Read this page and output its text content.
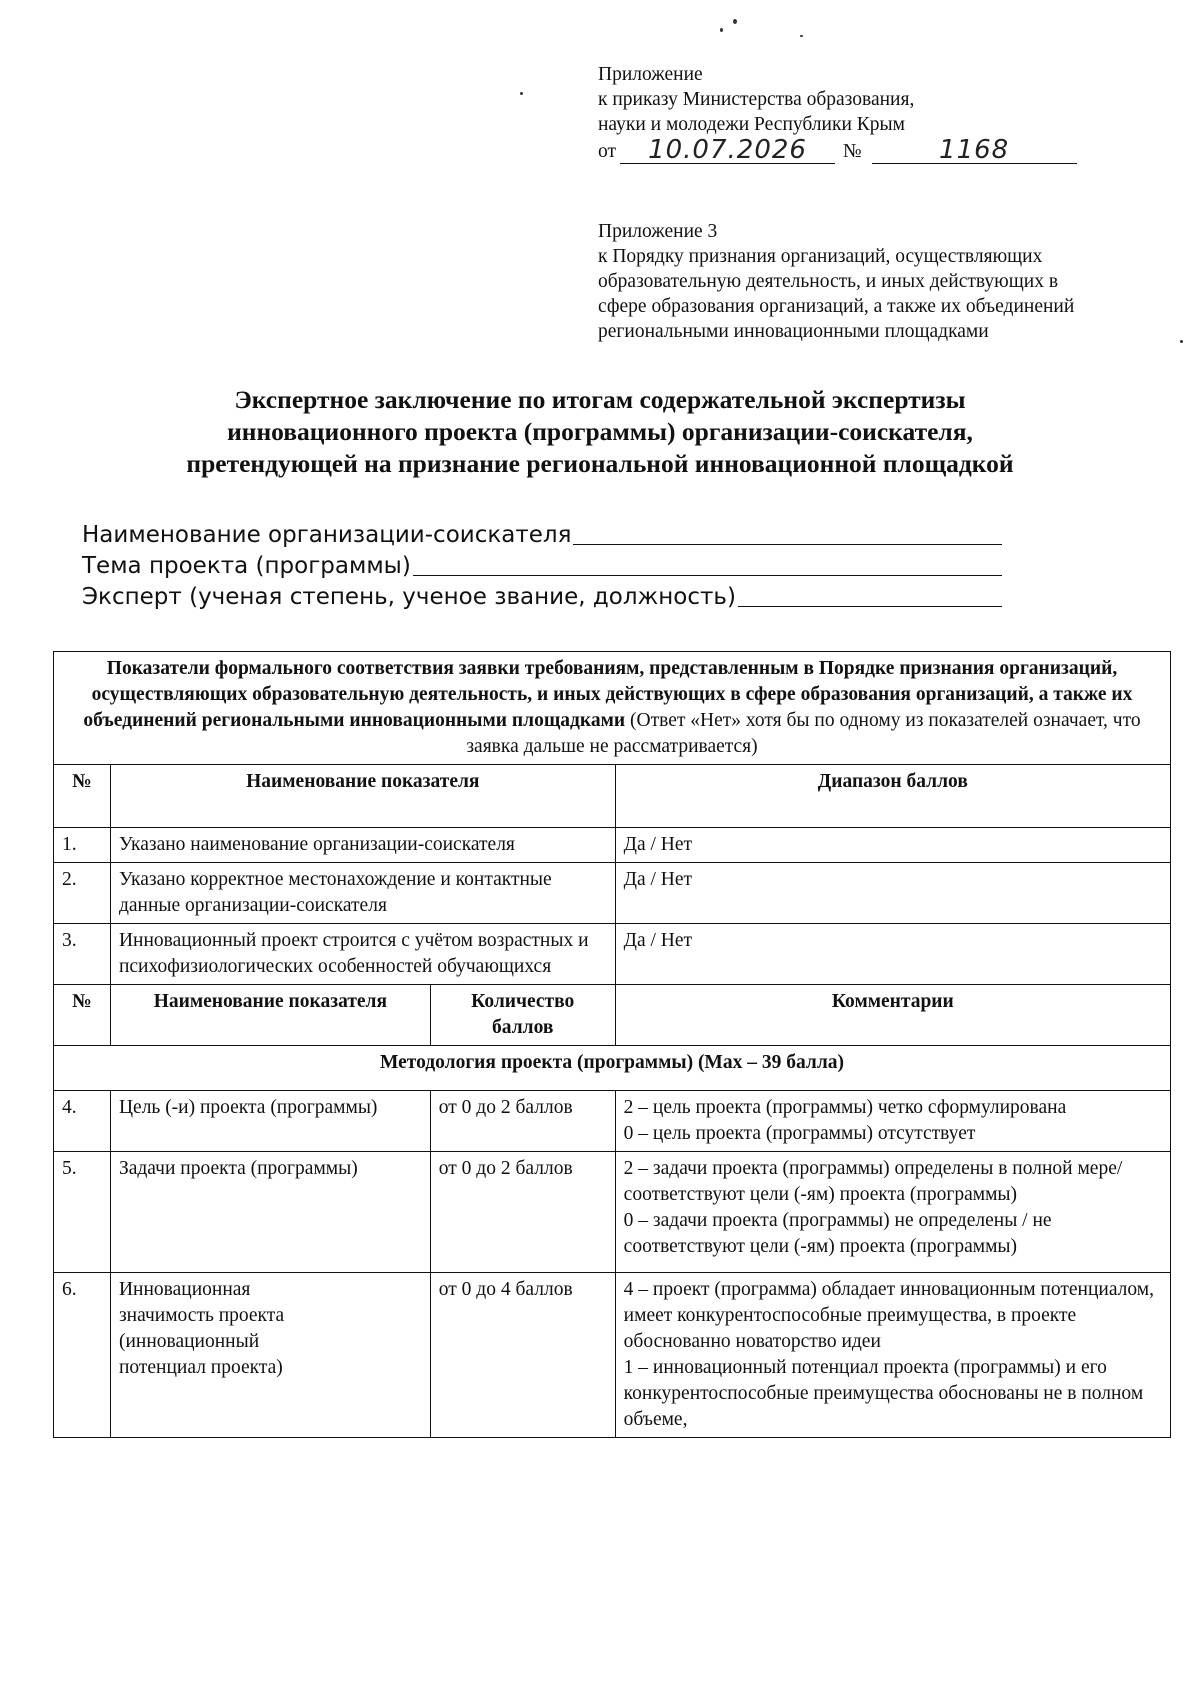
Приложение
к приказу Министерства образования,
науки и молодежи Республики Крым
от	10.07.2026	№	1168
Приложение 3
к Порядку признания организаций, осуществляющих
образовательную деятельность, и иных действующих в
сфере образования организаций, а также их объединений
региональными инновационными площадками
Экспертное заключение по итогам содержательной экспертизы
инновационного проекта (программы) организации-соискателя,
претендующей на признание региональной инновационной площадкой
Наименование организации-соискателя
Тема проекта (программы)
Эксперт (ученая степень, ученое звание, должность)
Показатели формального соответствия заявки требованиям, представленным в Порядке признания организаций, осуществляющих образовательную деятельность, и иных действующих в сфере образования организаций, а также их объединений региональными инновационными площадками (Ответ «Нет» хотя бы по одному из показателей означает, что заявка дальше не рассматривается)			
№	Наименование показателя		Диапазон баллов
1.	Указано наименование организации-соискателя		Да / Нет
2.	Указано корректное местонахождение и контактные данные организации-соискателя		Да / Нет
3.	Инновационный проект строится с учётом возрастных и психофизиологических особенностей обучающихся		Да / Нет
№	Наименование показателя	Количество баллов	Комментарии
Методология проекта (программы) (Max – 39 балла)			
4.	Цель (-и) проекта (программы)	от 0 до 2 баллов	2 – цель проекта (программы) четко сформулирована
0 – цель проекта (программы) отсутствует

5.	Задачи проекта (программы)	от 0 до 2 баллов	2 – задачи проекта (программы) определены в полной мере/соответствуют цели (-ям) проекта (программы)
0 – задачи проекта (программы) не определены / не соответствуют цели (-ям) проекта (программы)

6.	Инновационная значимость проекта (инновационный потенциал проекта)	от 0 до 4 баллов	4 – проект (программа) обладает инновационным потенциалом, имеет конкурентоспособные преимущества, в проекте обоснованно новаторство идеи
1 – инновационный потенциал проекта (программы) и его конкурентоспособные преимущества обоснованы не в полном объеме,
